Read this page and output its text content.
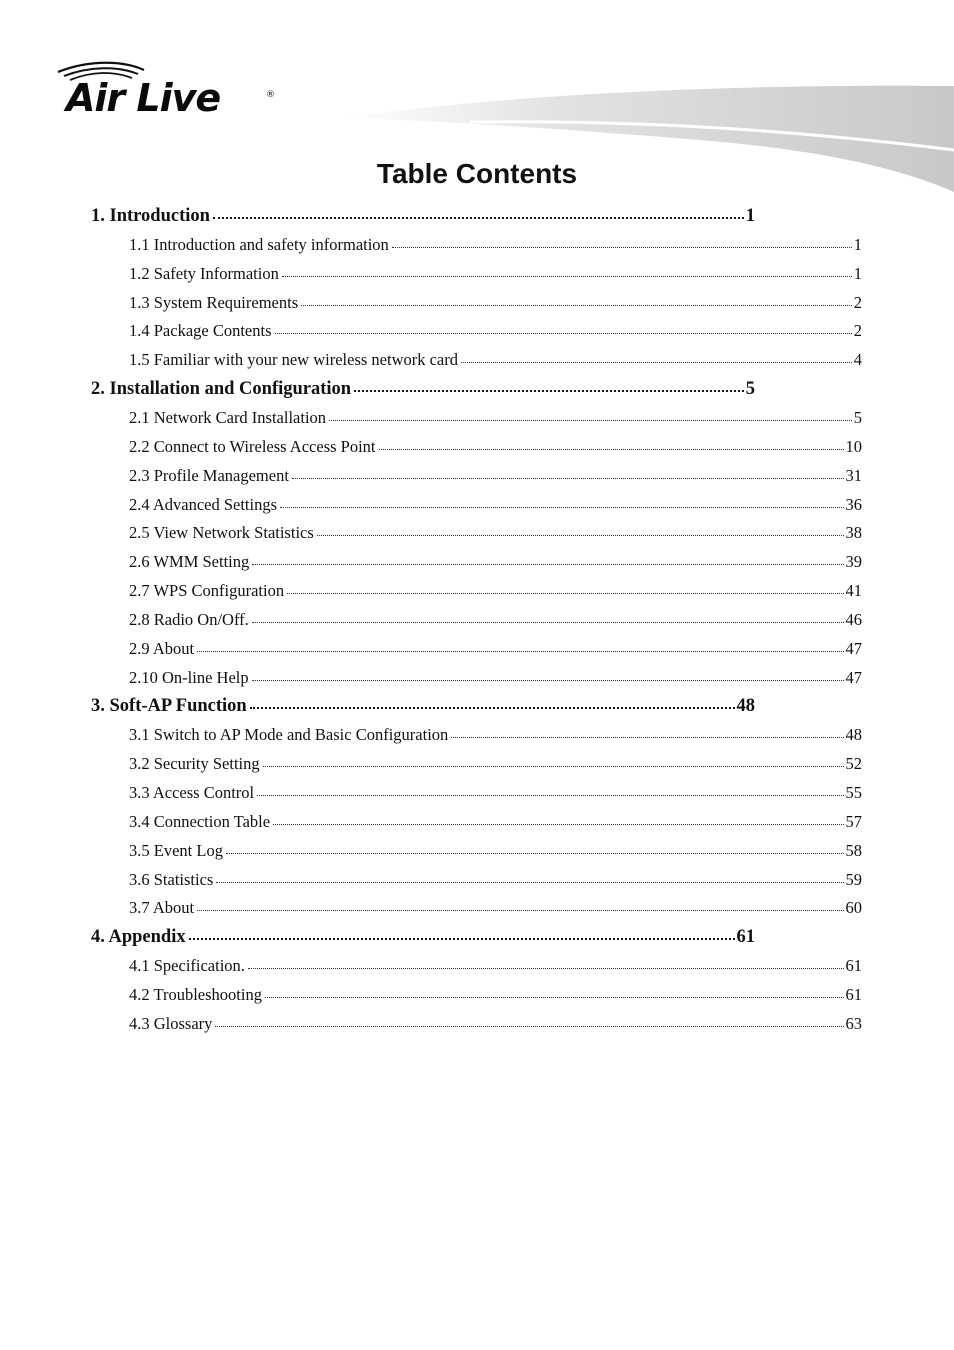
Air Live	®
Table Contents
1. Introduction	1
1.1 Introduction and safety information	1
1.2 Safety Information	1
1.3 System Requirements	2
1.4 Package Contents	2
1.5 Familiar with your new wireless network card	4
2. Installation and Configuration	5
2.1 Network Card Installation	5
2.2 Connect to Wireless Access Point	10
2.3 Profile Management	31
2.4 Advanced Settings	36
2.5 View Network Statistics	38
2.6 WMM Setting	39
2.7 WPS Configuration	41
2.8 Radio On/Off.	46
2.9 About	47
2.10 On-line Help	47
3. Soft-AP Function	48
3.1 Switch to AP Mode and Basic Configuration	48
3.2 Security Setting	52
3.3 Access Control	55
3.4 Connection Table	57
3.5 Event Log	58
3.6 Statistics	59
3.7 About	60
4. Appendix	61
4.1 Specification.	61
4.2 Troubleshooting	61
4.3 Glossary	63
